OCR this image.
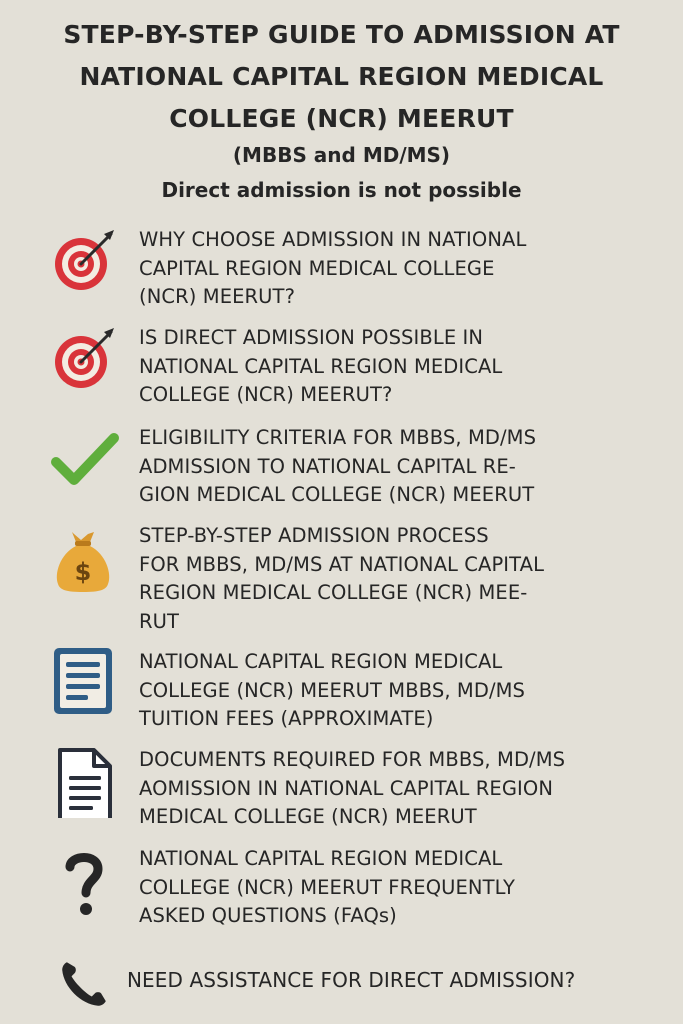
STEP-BY-STEP GUIDE TO ADMISSION AT
NATIONAL CAPITAL REGION MEDICAL
COLLEGE (NCR) MEERUT
(MBBS and MD/MS)
Direct admission is not possible
WHY CHOOSE ADMISSION IN NATIONAL
CAPITAL REGION MEDICAL COLLEGE
(NCR) MEERUT?
IS DIRECT ADMISSION POSSIBLE IN
NATIONAL CAPITAL REGION MEDICAL
COLLEGE (NCR) MEERUT?
ELIGIBILITY CRITERIA FOR MBBS, MD/MS
ADMISSION TO NATIONAL CAPITAL RE-
GION MEDICAL COLLEGE (NCR) MEERUT
$
STEP-BY-STEP ADMISSION PROCESS
FOR MBBS, MD/MS AT NATIONAL CAPITAL
REGION MEDICAL COLLEGE (NCR) MEE-
RUT
NATIONAL CAPITAL REGION MEDICAL
COLLEGE (NCR) MEERUT MBBS, MD/MS
TUITION FEES (APPROXIMATE)
DOCUMENTS REQUIRED FOR MBBS, MD/MS
AOMISSION IN NATIONAL CAPITAL REGION
MEDICAL COLLEGE (NCR) MEERUT
NATIONAL CAPITAL REGION MEDICAL
COLLEGE (NCR) MEERUT FREQUENTLY
ASKED QUESTIONS (FAQs)
NEED ASSISTANCE FOR DIRECT ADMISSION?
